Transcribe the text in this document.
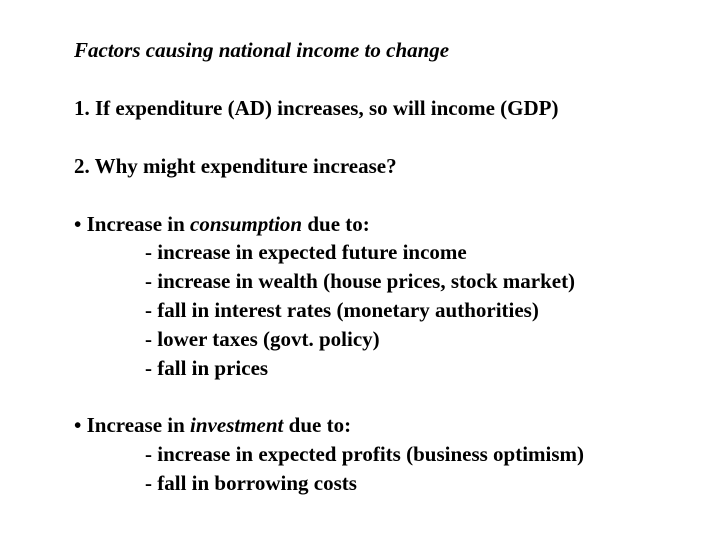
Factors causing national income to change
1. If expenditure (AD) increases, so will income (GDP)
2. Why might expenditure increase?
• Increase in consumption due to:
- increase in expected future income
- increase in wealth (house prices, stock market)
- fall in interest rates (monetary authorities)
- lower taxes (govt. policy)
- fall in prices
• Increase in investment due to:
- increase in expected profits (business optimism)
- fall in borrowing costs
